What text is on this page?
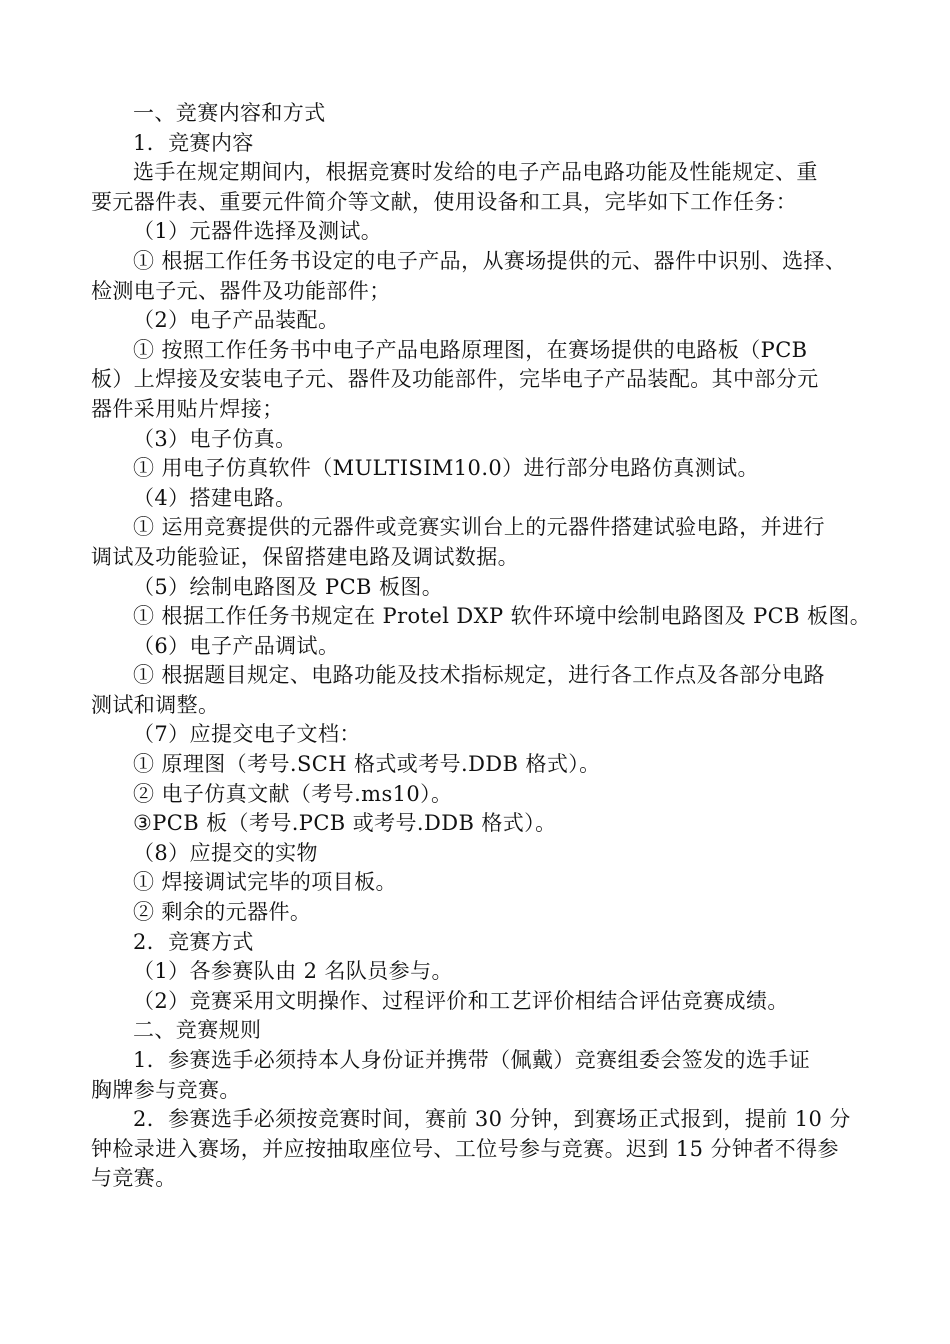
一、竞赛内容和方式

1．竞赛内容

选手在规定期间内，根据竞赛时发给的电子产品电路功能及性能规定、重

要元器件表、重要元件简介等文献，使用设备和工具，完毕如下工作任务：

（1）元器件选择及测试。

① 根据工作任务书设定的电子产品，从赛场提供的元、器件中识别、选择、

检测电子元、器件及功能部件；

（2）电子产品装配。

① 按照工作任务书中电子产品电路原理图，在赛场提供的电路板（PCB

板）上焊接及安装电子元、器件及功能部件，完毕电子产品装配。其中部分元

器件采用贴片焊接；

（3）电子仿真。

① 用电子仿真软件（MULTISIM10.0）进行部分电路仿真测试。

（4）搭建电路。

① 运用竞赛提供的元器件或竞赛实训台上的元器件搭建试验电路，并进行

调试及功能验证，保留搭建电路及调试数据。

（5）绘制电路图及 PCB 板图。

① 根据工作任务书规定在 Protel DXP 软件环境中绘制电路图及 PCB 板图。

（6）电子产品调试。

① 根据题目规定、电路功能及技术指标规定，进行各工作点及各部分电路

测试和调整。

（7）应提交电子文档：

① 原理图（考号.SCH 格式或考号.DDB 格式）。

② 电子仿真文献（考号.ms10）。

③PCB 板（考号.PCB 或考号.DDB 格式）。

（8）应提交的实物

① 焊接调试完毕的项目板。

② 剩余的元器件。

2．竞赛方式

（1）各参赛队由 2 名队员参与。

（2）竞赛采用文明操作、过程评价和工艺评价相结合评估竞赛成绩。

二、竞赛规则

1．参赛选手必须持本人身份证并携带（佩戴）竞赛组委会签发的选手证

胸牌参与竞赛。

2．参赛选手必须按竞赛时间，赛前 30 分钟，到赛场正式报到，提前 10 分

钟检录进入赛场，并应按抽取座位号、工位号参与竞赛。迟到 15 分钟者不得参

与竞赛。
